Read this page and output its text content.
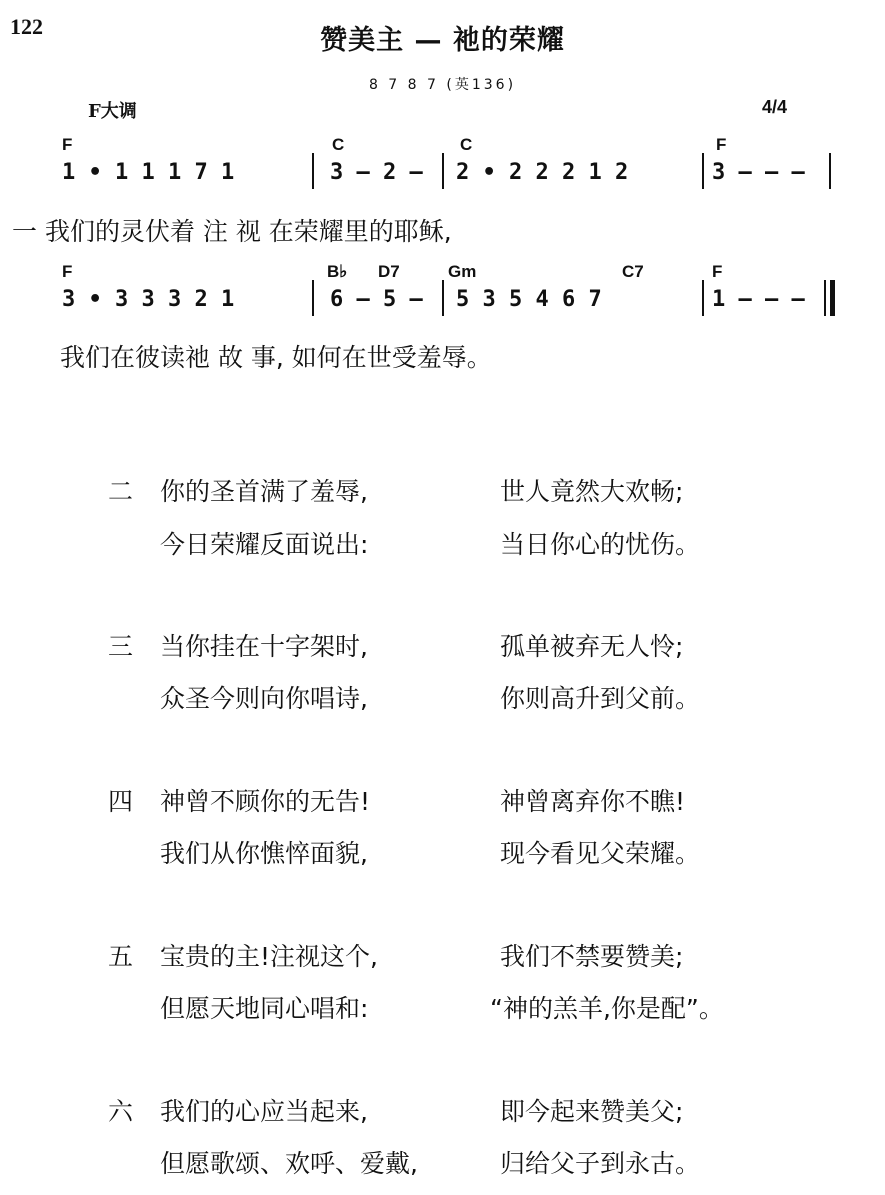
122	赞美主 — 祂的荣耀
8 7 8 7 (英136)
F大调	4/4
F	C	C	F
1 • 1 1 1 7 1	3 — 2 — 2 • 2 2 2 1 2	3 — — —
一 我们的灵伏着 注 视 在荣耀里的耶稣,
F	B♭ D7	Gm	C7	F
3 • 3 3 3 2 1	6 — 5 — 5 3 5 4 6 7	1 — — —
我们在彼读祂 故 事, 如何在世受羞辱。
二 你的圣首满了羞辱,	世人竟然大欢畅;
今日荣耀反面说出:	当日你心的忧伤。
三 当你挂在十字架时,	孤单被弃无人怜;
众圣今则向你唱诗,	你则高升到父前。
四 神曾不顾你的无告!	神曾离弃你不瞧!
我们从你憔悴面貌,	现今看见父荣耀。
五 宝贵的主!注视这个,	我们不禁要赞美;
但愿天地同心唱和:	“神的羔羊,你是配”。
六 我们的心应当起来,	即今起来赞美父;
但愿歌颂、欢呼、爱戴,	归给父子到永古。
